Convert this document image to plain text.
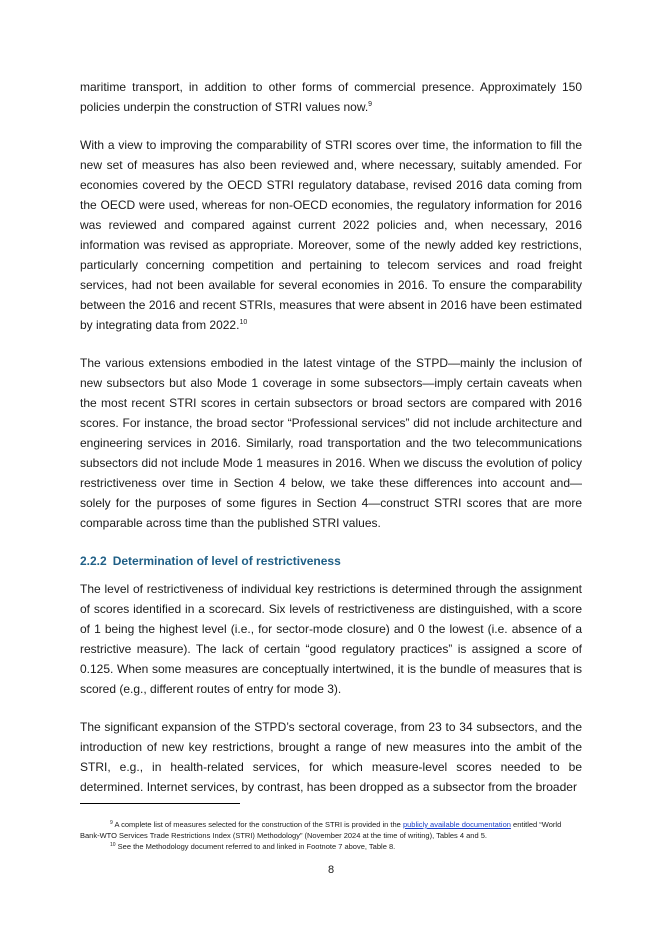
maritime transport, in addition to other forms of commercial presence. Approximately 150 policies underpin the construction of STRI values now.$^9$

With a view to improving the comparability of STRI scores over time, the information to fill the new set of measures has also been reviewed and, where necessary, suitably amended. For economies covered by the OECD STRI regulatory database, revised 2016 data coming from the OECD were used, whereas for non-OECD economies, the regulatory information for 2016 was reviewed and compared against current 2022 policies and, when necessary, 2016 information was revised as appropriate. Moreover, some of the newly added key restrictions, particularly concerning competition and pertaining to telecom services and road freight services, had not been available for several economies in 2016. To ensure the comparability between the 2016 and recent STRIs, measures that were absent in 2016 have been estimated by integrating data from 2022.10

The various extensions embodied in the latest vintage of the STPD—mainly the inclusion of new subsectors but also Mode 1 coverage in some subsectors—imply certain caveats when the most recent STRI scores in certain subsectors or broad sectors are compared with 2016 scores. For instance, the broad sector “Professional services” did not include architecture and engineering services in 2016. Similarly, road transportation and the two telecommunications subsectors did not include Mode 1 measures in 2016. When we discuss the evolution of policy restrictiveness over time in Section 4 below, we take these differences into account and—solely for the purposes of some figures in Section 4—construct STRI scores that are more comparable across time than the published STRI values.

2.2.2 Determination of level of restrictiveness

The level of restrictiveness of individual key restrictions is determined through the assignment of scores identified in a scorecard. Six levels of restrictiveness are distinguished, with a score of 1 being the highest level (i.e., for sector-mode closure) and 0 the lowest (i.e. absence of a restrictive measure). The lack of certain “good regulatory practices” is assigned a score of 0.125. When some measures are conceptually intertwined, it is the bundle of measures that is scored (e.g., different routes of entry for mode 3).

The significant expansion of the STPD’s sectoral coverage, from 23 to 34 subsectors, and the introduction of new key restrictions, brought a range of new measures into the ambit of the STRI, e.g., in health-related services, for which measure-level scores needed to be determined. Internet services, by contrast, has been dropped as a subsector from the broader

$^9$ A complete list of measures selected for the construction of the STRI is provided in the publicly available documentation entitled “World Bank-WTO Services Trade Restrictions Index (STRI) Methodology” (November 2024 at the time of writing), Tables 4 and 5.

$^{10}$ See the Methodology document referred to and linked in Footnote 7 above, Table 8.

8
